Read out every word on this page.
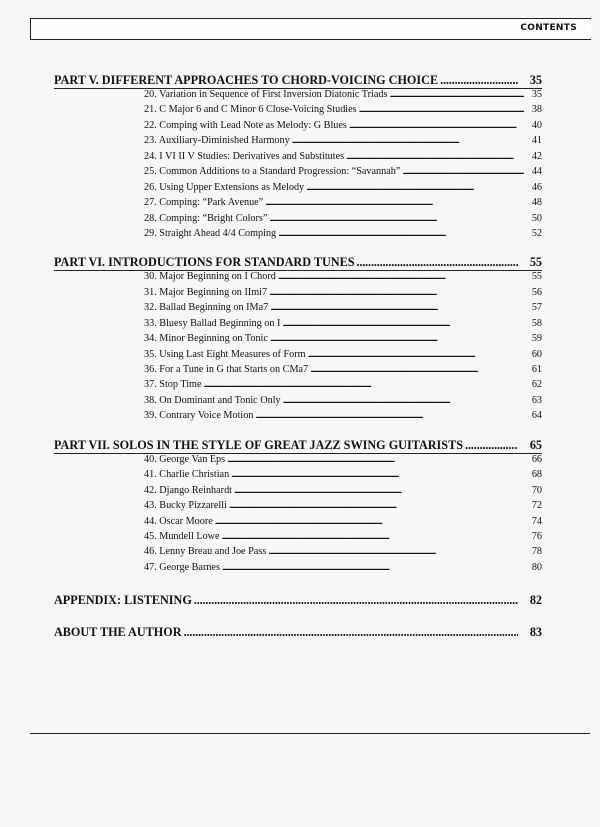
CONTENTS
PART V. DIFFERENT APPROACHES TO CHORD-VOICING CHOICE . . .	35
20. Variation in Sequence of First Inversion Diatonic Triads . . .	35
21. C Major 6 and C Minor 6 Close-Voicing Studies . . .	38
22. Comping with Lead Note as Melody: G Blues . . .	40
23. Auxiliary-Diminished Harmony . . .	41
24. I VI II V Studies: Derivatives and Substitutes . . .	42
25. Common Additions to a Standard Progression: “Savannah” . . .	44
26. Using Upper Extensions as Melody . . .	46
27. Comping: “Park Avenue” . . .	48
28. Comping: “Bright Colors” . . .	50
29. Straight Ahead 4/4 Comping . . .	52
PART VI. INTRODUCTIONS FOR STANDARD TUNES . . .	55
30. Major Beginning on I Chord . . .	55
31. Major Beginning on IImi7 . . .	56
32. Ballad Beginning on IMa7 . . .	57
33. Bluesy Ballad Beginning on I . . .	58
34. Minor Beginning on Tonic . . .	59
35. Using Last Eight Measures of Form . . .	60
36. For a Tune in G that Starts on CMa7 . . .	61
37. Stop Time . . .	62
38. On Dominant and Tonic Only . . .	63
39. Contrary Voice Motion . . .	64
PART VII. SOLOS IN THE STYLE OF GREAT JAZZ SWING GUITARISTS . . .	65
40. George Van Eps . . .	66
41. Charlie Christian . . .	68
42. Django Reinhardt . . .	70
43. Bucky Pizzarelli . . .	72
44. Oscar Moore . . .	74
45. Mundell Lowe . . .	76
46. Lenny Breau and Joe Pass . . .	78
47. George Barnes . . .	80
APPENDIX: LISTENING . . .	82
ABOUT THE AUTHOR . . .	83
